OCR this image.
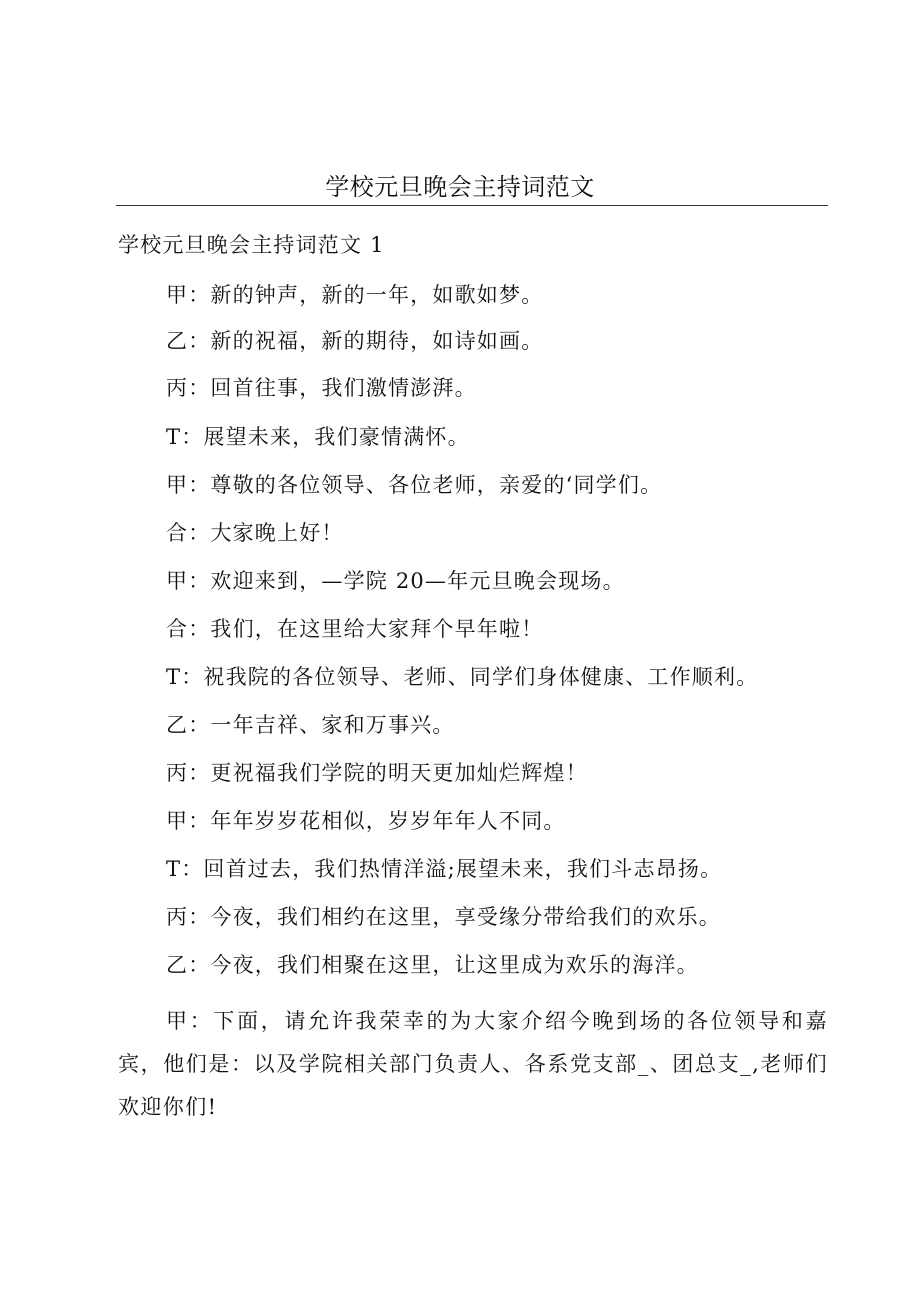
学校元旦晚会主持词范文
学校元旦晚会主持词范文 1
甲：新的钟声，新的一年，如歌如梦。
乙：新的祝福，新的期待，如诗如画。
丙：回首往事，我们激情澎湃。
T：展望未来，我们豪情满怀。
甲：尊敬的各位领导、各位老师，亲爱的‘同学们。
合：大家晚上好！
甲：欢迎来到，—学院 20—年元旦晚会现场。
合：我们，在这里给大家拜个早年啦！
T：祝我院的各位领导、老师、同学们身体健康、工作顺利。
乙：一年吉祥、家和万事兴。
丙：更祝福我们学院的明天更加灿烂辉煌！
甲：年年岁岁花相似，岁岁年年人不同。
T：回首过去，我们热情洋溢;展望未来，我们斗志昂扬。
丙：今夜，我们相约在这里，享受缘分带给我们的欢乐。
乙：今夜，我们相聚在这里，让这里成为欢乐的海洋。
甲：下面，请允许我荣幸的为大家介绍今晚到场的各位领导和嘉宾，他们是：以及学院相关部门负责人、各系党支部_、团总支_,老师们欢迎你们!
